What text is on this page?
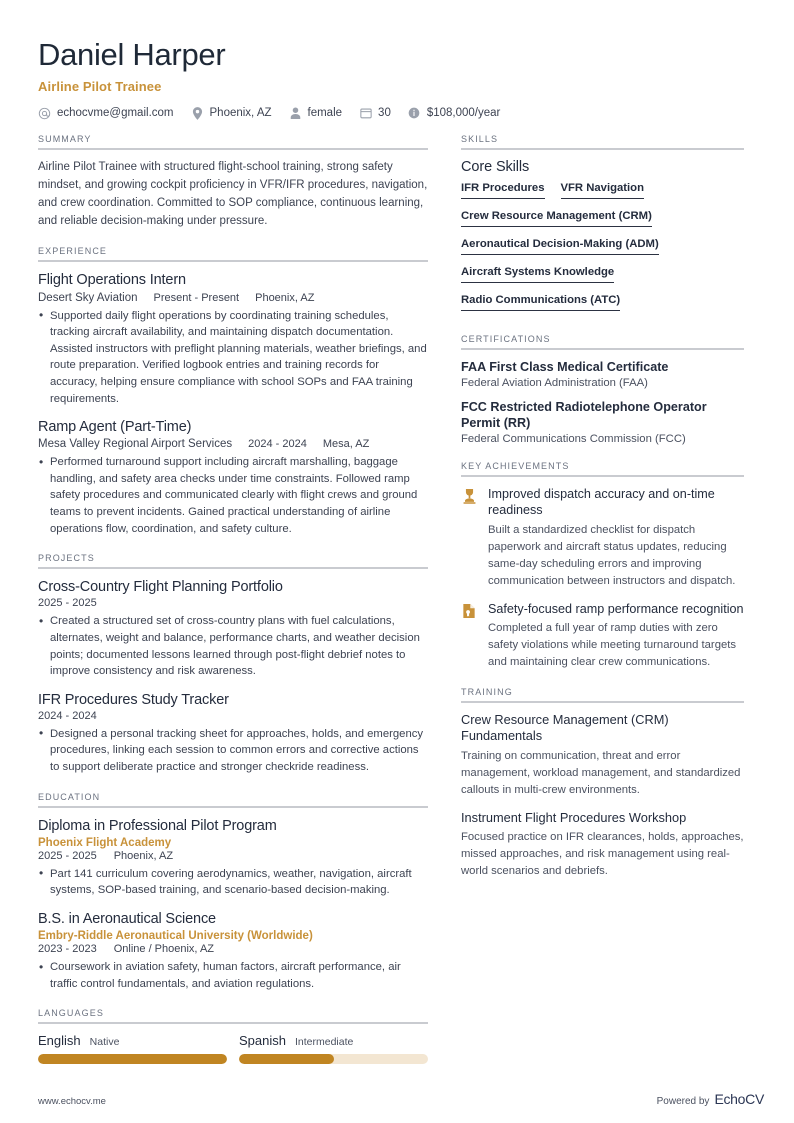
Daniel Harper
Airline Pilot Trainee
echocvme@gmail.com	Phoenix, AZ	female	30	$108,000/year
SUMMARY
Airline Pilot Trainee with structured flight-school training, strong safety mindset, and growing cockpit proficiency in VFR/IFR procedures, navigation, and crew coordination. Committed to SOP compliance, continuous learning, and reliable decision-making under pressure.
EXPERIENCE
Flight Operations Intern
Desert Sky Aviation Present - Present Phoenix, AZ
• Supported daily flight operations by coordinating training schedules, tracking aircraft availability, and maintaining dispatch documentation. Assisted instructors with preflight planning materials, weather briefings, and route preparation. Verified logbook entries and training records for accuracy, helping ensure compliance with school SOPs and FAA training requirements.
Ramp Agent (Part-Time)
Mesa Valley Regional Airport Services 2024 - 2024 Mesa, AZ
• Performed turnaround support including aircraft marshalling, baggage handling, and safety area checks under time constraints. Followed ramp safety procedures and communicated clearly with flight crews and ground teams to prevent incidents. Gained practical understanding of airline operations flow, coordination, and safety culture.
PROJECTS
Cross-Country Flight Planning Portfolio
2025 - 2025
• Created a structured set of cross-country plans with fuel calculations, alternates, weight and balance, performance charts, and weather decision points; documented lessons learned through post-flight debrief notes to improve consistency and risk awareness.
IFR Procedures Study Tracker
2024 - 2024
• Designed a personal tracking sheet for approaches, holds, and emergency procedures, linking each session to common errors and corrective actions to support deliberate practice and stronger checkride readiness.
EDUCATION
Diploma in Professional Pilot Program
Phoenix Flight Academy
2025 - 2025 Phoenix, AZ
• Part 141 curriculum covering aerodynamics, weather, navigation, aircraft systems, SOP-based training, and scenario-based decision-making.
B.S. in Aeronautical Science
Embry-Riddle Aeronautical University (Worldwide)
2023 - 2023 Online / Phoenix, AZ
• Coursework in aviation safety, human factors, aircraft performance, air traffic control fundamentals, and aviation regulations.
LANGUAGES
English Native	Spanish Intermediate
SKILLS
Core Skills
IFR Procedures VFR Navigation
Crew Resource Management (CRM)
Aeronautical Decision-Making (ADM)
Aircraft Systems Knowledge
Radio Communications (ATC)
CERTIFICATIONS
FAA First Class Medical Certificate
Federal Aviation Administration (FAA)
FCC Restricted Radiotelephone Operator Permit (RR)
Federal Communications Commission (FCC)
KEY ACHIEVEMENTS
Improved dispatch accuracy and on-time readiness
Built a standardized checklist for dispatch paperwork and aircraft status updates, reducing same-day scheduling errors and improving communication between instructors and dispatch.
Safety-focused ramp performance recognition
Completed a full year of ramp duties with zero safety violations while meeting turnaround targets and maintaining clear crew communications.
TRAINING
Crew Resource Management (CRM) Fundamentals
Training on communication, threat and error management, workload management, and standardized callouts in multi-crew environments.
Instrument Flight Procedures Workshop
Focused practice on IFR clearances, holds, approaches, missed approaches, and risk management using real-world scenarios and debriefs.
www.echocv.me	Powered by EchoCV
